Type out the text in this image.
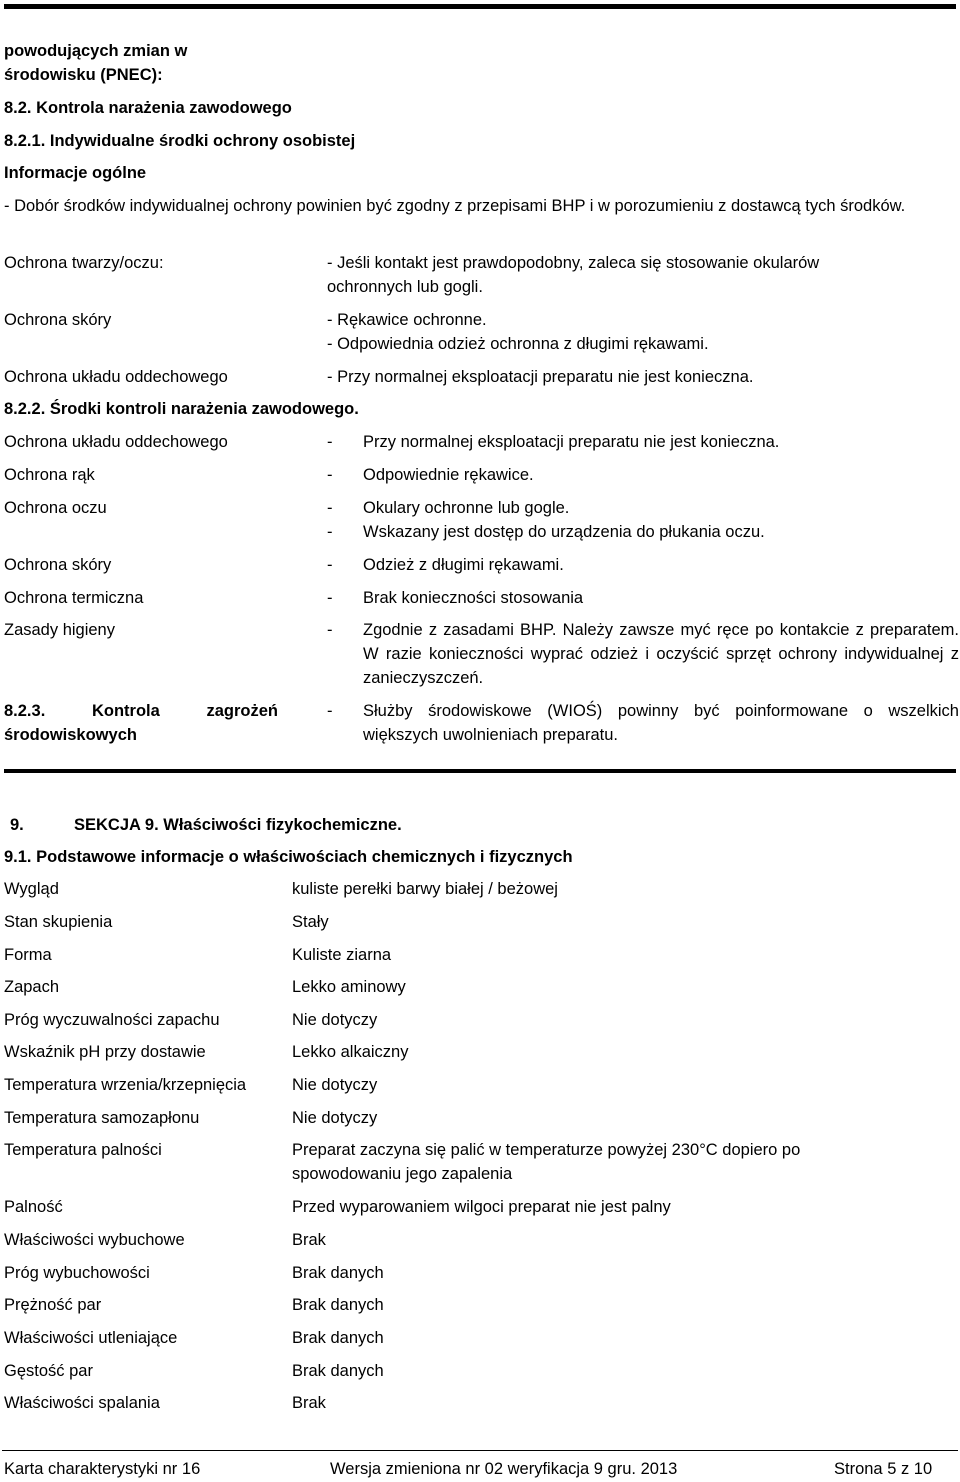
powodujących zmian w
środowisku (PNEC):
8.2. Kontrola narażenia zawodowego
8.2.1. Indywidualne środki ochrony osobistej
Informacje ogólne
- Dobór środków indywidualnej ochrony powinien być zgodny z przepisami BHP i w porozumieniu z dostawcą tych środków.
Ochrona twarzy/oczu:	- Jeśli kontakt jest prawdopodobny, zaleca się stosowanie okularów
ochronnych lub gogli.
Ochrona skóry	- Rękawice ochronne.
- Odpowiednia odzież ochronna z długimi rękawami.
Ochrona układu oddechowego	- Przy normalnej eksploatacji preparatu nie jest konieczna.
8.2.2. Środki kontroli narażenia zawodowego.
Ochrona układu oddechowego	- Przy normalnej eksploatacji preparatu nie jest konieczna.
Ochrona rąk	- Odpowiednie rękawice.
Ochrona oczu	- Okulary ochronne lub gogle.
- Wskazany jest dostęp do urządzenia do płukania oczu.
Ochrona skóry	- Odzież z długimi rękawami.
Ochrona termiczna	- Brak konieczności stosowania
Zasady higieny	- Zgodnie z zasadami BHP. Należy zawsze myć ręce po kontakcie z preparatem. W razie konieczności wyprać odzież i oczyścić sprzęt ochrony indywidualnej z zanieczyszczeń.
8.2.3. Kontrola zagrożeń środowiskowych
- Służby środowiskowe (WIOŚ) powinny być poinformowane o wszelkich większych uwolnieniach preparatu.
9.	SEKCJA 9. Właściwości fizykochemiczne.
9.1. Podstawowe informacje o właściwościach chemicznych i fizycznych
Wygląd	kuliste perełki barwy białej / beżowej
Stan skupienia	Stały
Forma	Kuliste ziarna
Zapach	Lekko aminowy
Próg wyczuwalności zapachu	Nie dotyczy
Wskaźnik pH przy dostawie	Lekko alkaiczny
Temperatura wrzenia/krzepnięcia	Nie dotyczy
Temperatura samozapłonu	Nie dotyczy
Temperatura palności	Preparat zaczyna się palić w temperaturze powyżej 230°C dopiero po spowodowaniu jego zapalenia
Palność	Przed wyparowaniem wilgoci preparat nie jest palny
Właściwości wybuchowe	Brak
Próg wybuchowości	Brak danych
Prężność par	Brak danych
Właściwości utleniające	Brak danych
Gęstość par	Brak danych
Właściwości spalania	Brak
Karta charakterystyki nr 16	Wersja zmieniona nr 02 weryfikacja 9 gru. 2013	Strona 5 z 10
